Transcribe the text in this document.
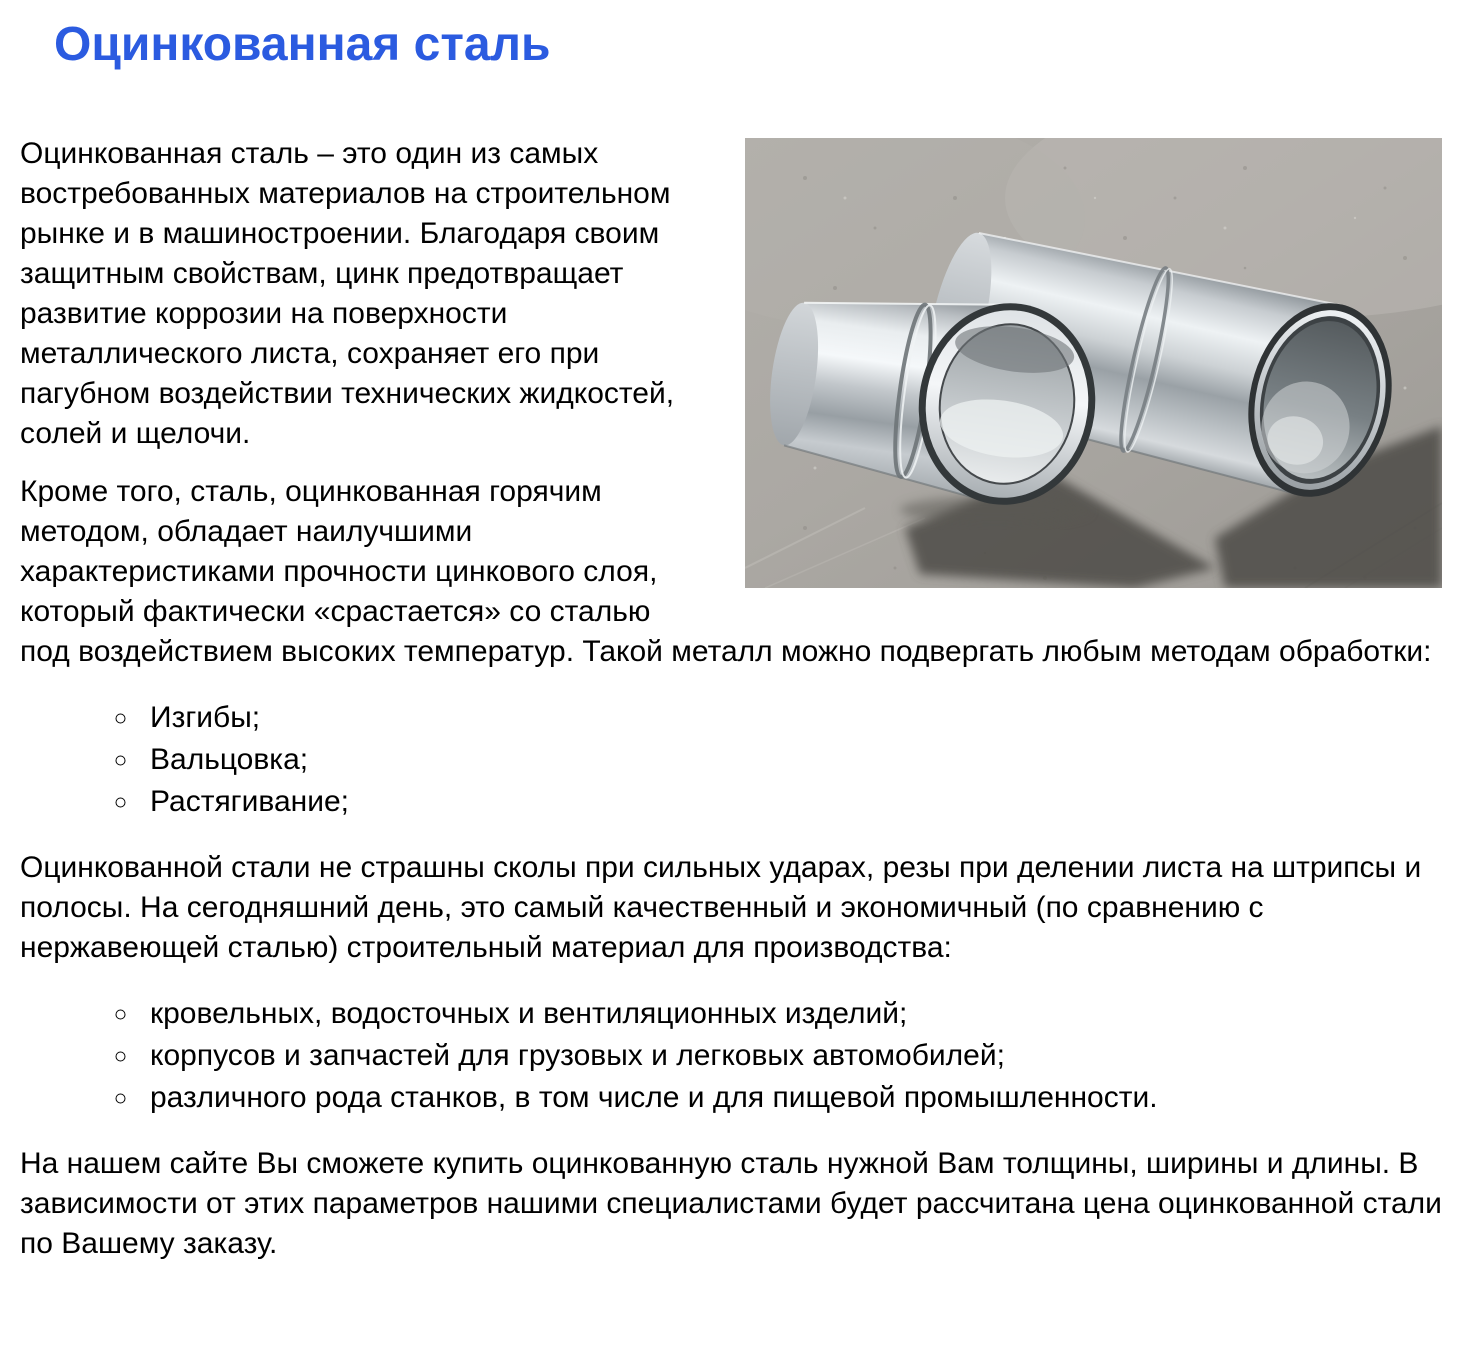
Оцинкованная сталь

Оцинкованная сталь – это один из самых востребованных материалов на строительном рынке и в машиностроении. Благодаря своим защитным свойствам, цинк предотвращает развитие коррозии на поверхности металлического листа, сохраняет его при пагубном воздействии технических жидкостей, солей и щелочи.

Кроме того, сталь, оцинкованная горячим методом, обладает наилучшими характеристиками прочности цинкового слоя, который фактически «срастается» со сталью под воздействием высоких температур. Такой металл можно подвергать любым методам обработки:

◦ Изгибы;
◦ Вальцовка;
◦ Растягивание;

Оцинкованной стали не страшны сколы при сильных ударах, резы при делении листа на штрипсы и полосы. На сегодняшний день, это самый качественный и экономичный (по сравнению с нержавеющей сталью) строительный материал для производства:

◦ кровельных, водосточных и вентиляционных изделий;
◦ корпусов и запчастей для грузовых и легковых автомобилей;
◦ различного рода станков, в том числе и для пищевой промышленности.

На нашем сайте Вы сможете купить оцинкованную сталь нужной Вам толщины, ширины и длины. В зависимости от этих параметров нашими специалистами будет рассчитана цена оцинкованной стали по Вашему заказу.
